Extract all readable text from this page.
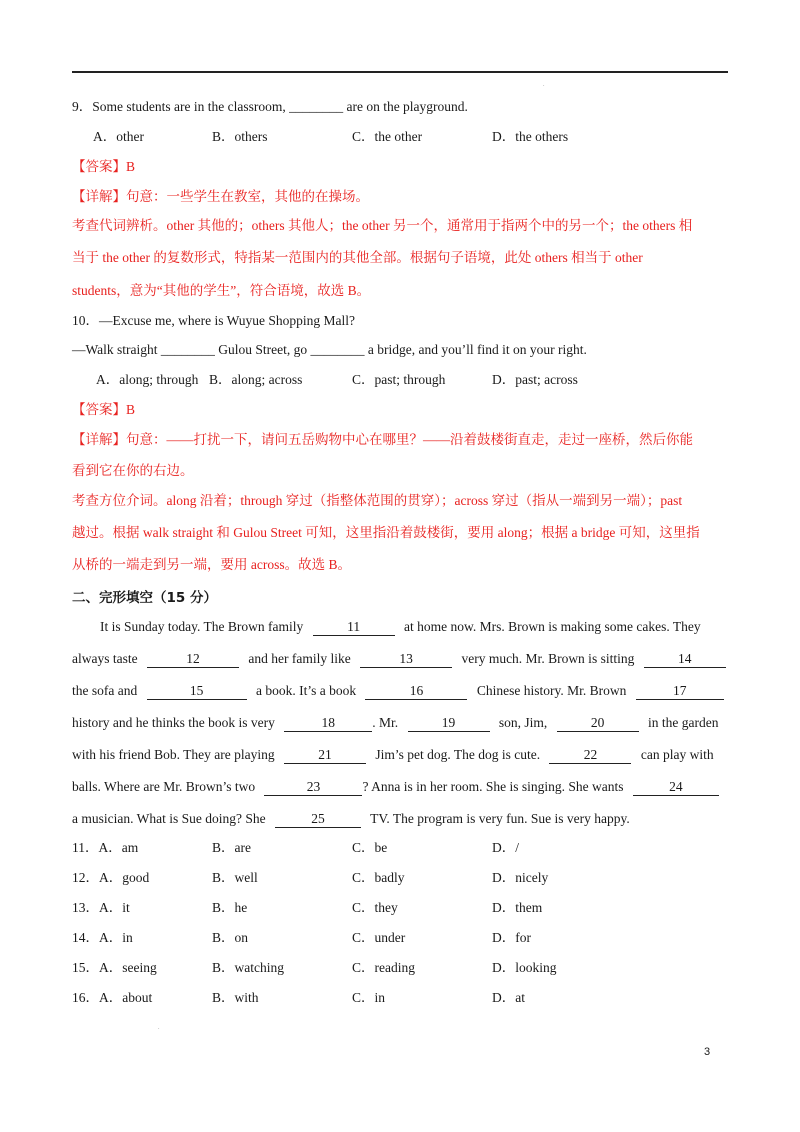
.
9．Some students are in the classroom, ________ are on the playground.
A．other	B．others	C．the other	D．the others
【答案】B
【详解】句意：一些学生在教室，其他的在操场。
考查代词辨析。other 其他的；others 其他人；the other 另一个，通常用于指两个中的另一个；the others 相
当于 the other 的复数形式，特指某一范围内的其他全部。根据句子语境，此处 others 相当于 other
students，意为“其他的学生”，符合语境，故选 B。
10．—Excuse me, where is Wuyue Shopping Mall?
—Walk straight ________ Gulou Street, go ________ a bridge, and you’ll find it on your right.
A．along; through B．along; across	C．past; through	D．past; across
【答案】B
【详解】句意：——打扰一下，请问五岳购物中心在哪里？——沿着鼓楼街直走，走过一座桥，然后你能
看到它在你的右边。
考查方位介词。along 沿着；through 穿过（指整体范围的贯穿）；across 穿过（指从一端到另一端）；past
越过。根据 walk straight 和 Gulou Street 可知，这里指沿着鼓楼街，要用 along；根据 a bridge 可知，这里指
从桥的一端走到另一端，要用 across。故选 B。
二、完形填空（15 分）
It is Sunday today. The Brown family	11	at home now. Mrs. Brown is making some cakes. They
always taste	12	and her family like	13	very much. Mr. Brown is sitting	14
the sofa and	15	a book. It’s a book	16	Chinese history. Mr. Brown	17
history and he thinks the book is very	18	. Mr.	19	son, Jim,	20	in the garden
with his friend Bob. They are playing	21	Jim’s pet dog. The dog is cute.	22	can play with
balls. Where are Mr. Brown’s two	23	? Anna is in her room. She is singing. She wants	24
a musician. What is Sue doing? She	25	TV. The program is very fun. Sue is very happy.
11．A．am	B．are	C．be	D．/
12．A．good	B．well	C．badly	D．nicely
13．A．it	B．he	C．they	D．them
14．A．in	B．on	C．under	D．for
15．A．seeing	B．watching	C．reading	D．looking
16．A．about	B．with	C．in	D．at
.
3
